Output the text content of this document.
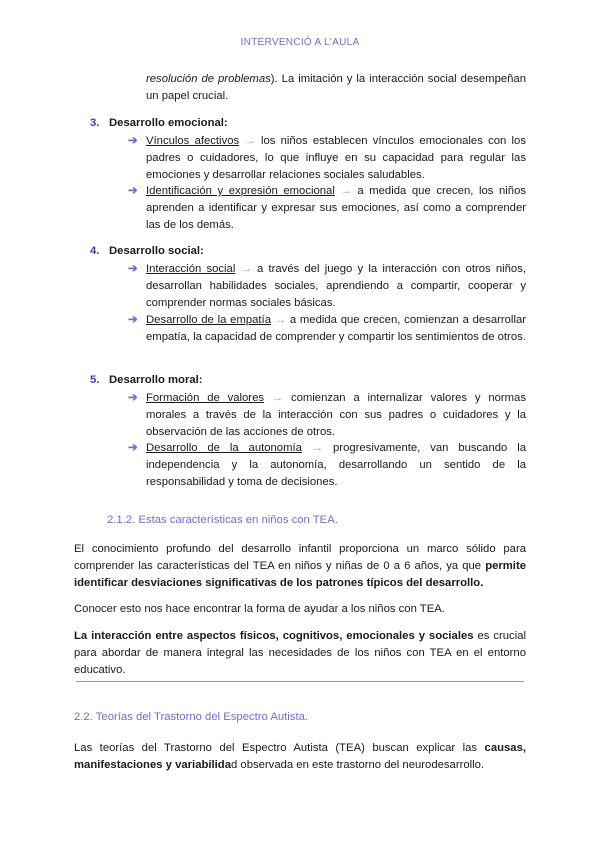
INTERVENCIÓ A L'AULA

resolución de problemas). La imitación y la interacción social desempeñan un papel crucial.

3. Desarrollo emocional:
➔ Vínculos afectivos → los niños establecen vínculos emocionales con los padres o cuidadores, lo que influye en su capacidad para regular las emociones y desarrollar relaciones sociales saludables.
➔ Identificación y expresión emocional → a medida que crecen, los niños aprenden a identificar y expresar sus emociones, así como a comprender las de los demás.
4. Desarrollo social:
➔ Interacción social → a través del juego y la interacción con otros niños, desarrollan habilidades sociales, aprendiendo a compartir, cooperar y comprender normas sociales básicas.
➔ Desarrollo de la empatía → a medida que crecen, comienzan a desarrollar empatía, la capacidad de comprender y compartir los sentimientos de otros.
5. Desarrollo moral:
➔ Formación de valores → comienzan a internalizar valores y normas morales a través de la interacción con sus padres o cuidadores y la observación de las acciones de otros.
➔ Desarrollo de la autonomía → progresivamente, van buscando la independencia y la autonomía, desarrollando un sentido de la responsabilidad y toma de decisiones.
2.1.2. Estas características en niños con TEA.

El conocimiento profundo del desarrollo infantil proporciona un marco sólido para comprender las características del TEA en niños y niñas de 0 a 6 años, ya que permite identificar desviaciones significativas de los patrones típicos del desarrollo.

Conocer esto nos hace encontrar la forma de ayudar a los niños con TEA.

La interacción entre aspectos físicos, cognitivos, emocionales y sociales es crucial para abordar de manera integral las necesidades de los niños con TEA en el entorno educativo.

2.2. Teorías del Trastorno del Espectro Autista.

Las teorías del Trastorno del Espectro Autista (TEA) buscan explicar las causas, manifestaciones y variabilidad observada en este trastorno del neurodesarrollo.
